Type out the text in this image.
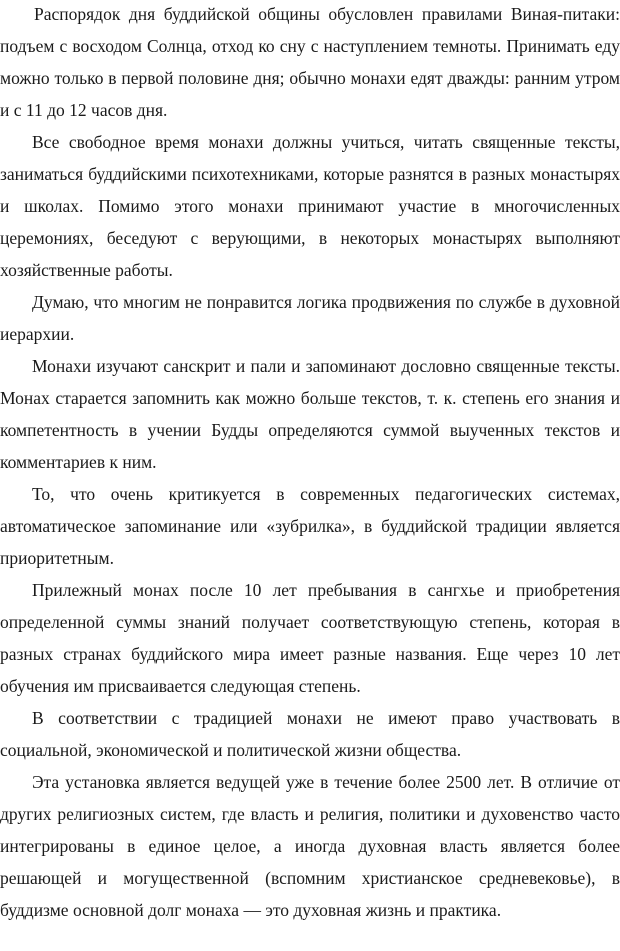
Распорядок дня буддийской общины обусловлен правилами Виная-питаки: подъем с восходом Солнца, отход ко сну с наступлением темноты. Принимать еду можно только в первой половине дня; обычно монахи едят дважды: ранним утром и с 11 до 12 часов дня.

Все свободное время монахи должны учиться, читать священные тексты, заниматься буддийскими психотехниками, которые разнятся в разных монастырях и школах. Помимо этого монахи принимают участие в многочисленных церемониях, беседуют с верующими, в некоторых монастырях выполняют хозяйственные работы.

Думаю, что многим не понравится логика продвижения по службе в духовной иерархии.

Монахи изучают санскрит и пали и запоминают дословно священные тексты. Монах старается запомнить как можно больше текстов, т. к. степень его знания и компетентность в учении Будды определяются суммой выученных текстов и комментариев к ним.

То, что очень критикуется в современных педагогических системах, автоматическое запоминание или «зубрилка», в буддийской традиции является приоритетным.

Прилежный монах после 10 лет пребывания в сангхье и приобретения определенной суммы знаний получает соответствующую степень, которая в разных странах буддийского мира имеет разные названия. Еще через 10 лет обучения им присваивается следующая степень.

В соответствии с традицией монахи не имеют право участвовать в социальной, экономической и политической жизни общества.

Эта установка является ведущей уже в течение более 2500 лет. В отличие от других религиозных систем, где власть и религия, политики и духовенство часто интегрированы в единое целое, а иногда духовная власть является более решающей и могущественной (вспомним христианское средневековье), в буддизме основной долг монаха — это духовная жизнь и практика.
